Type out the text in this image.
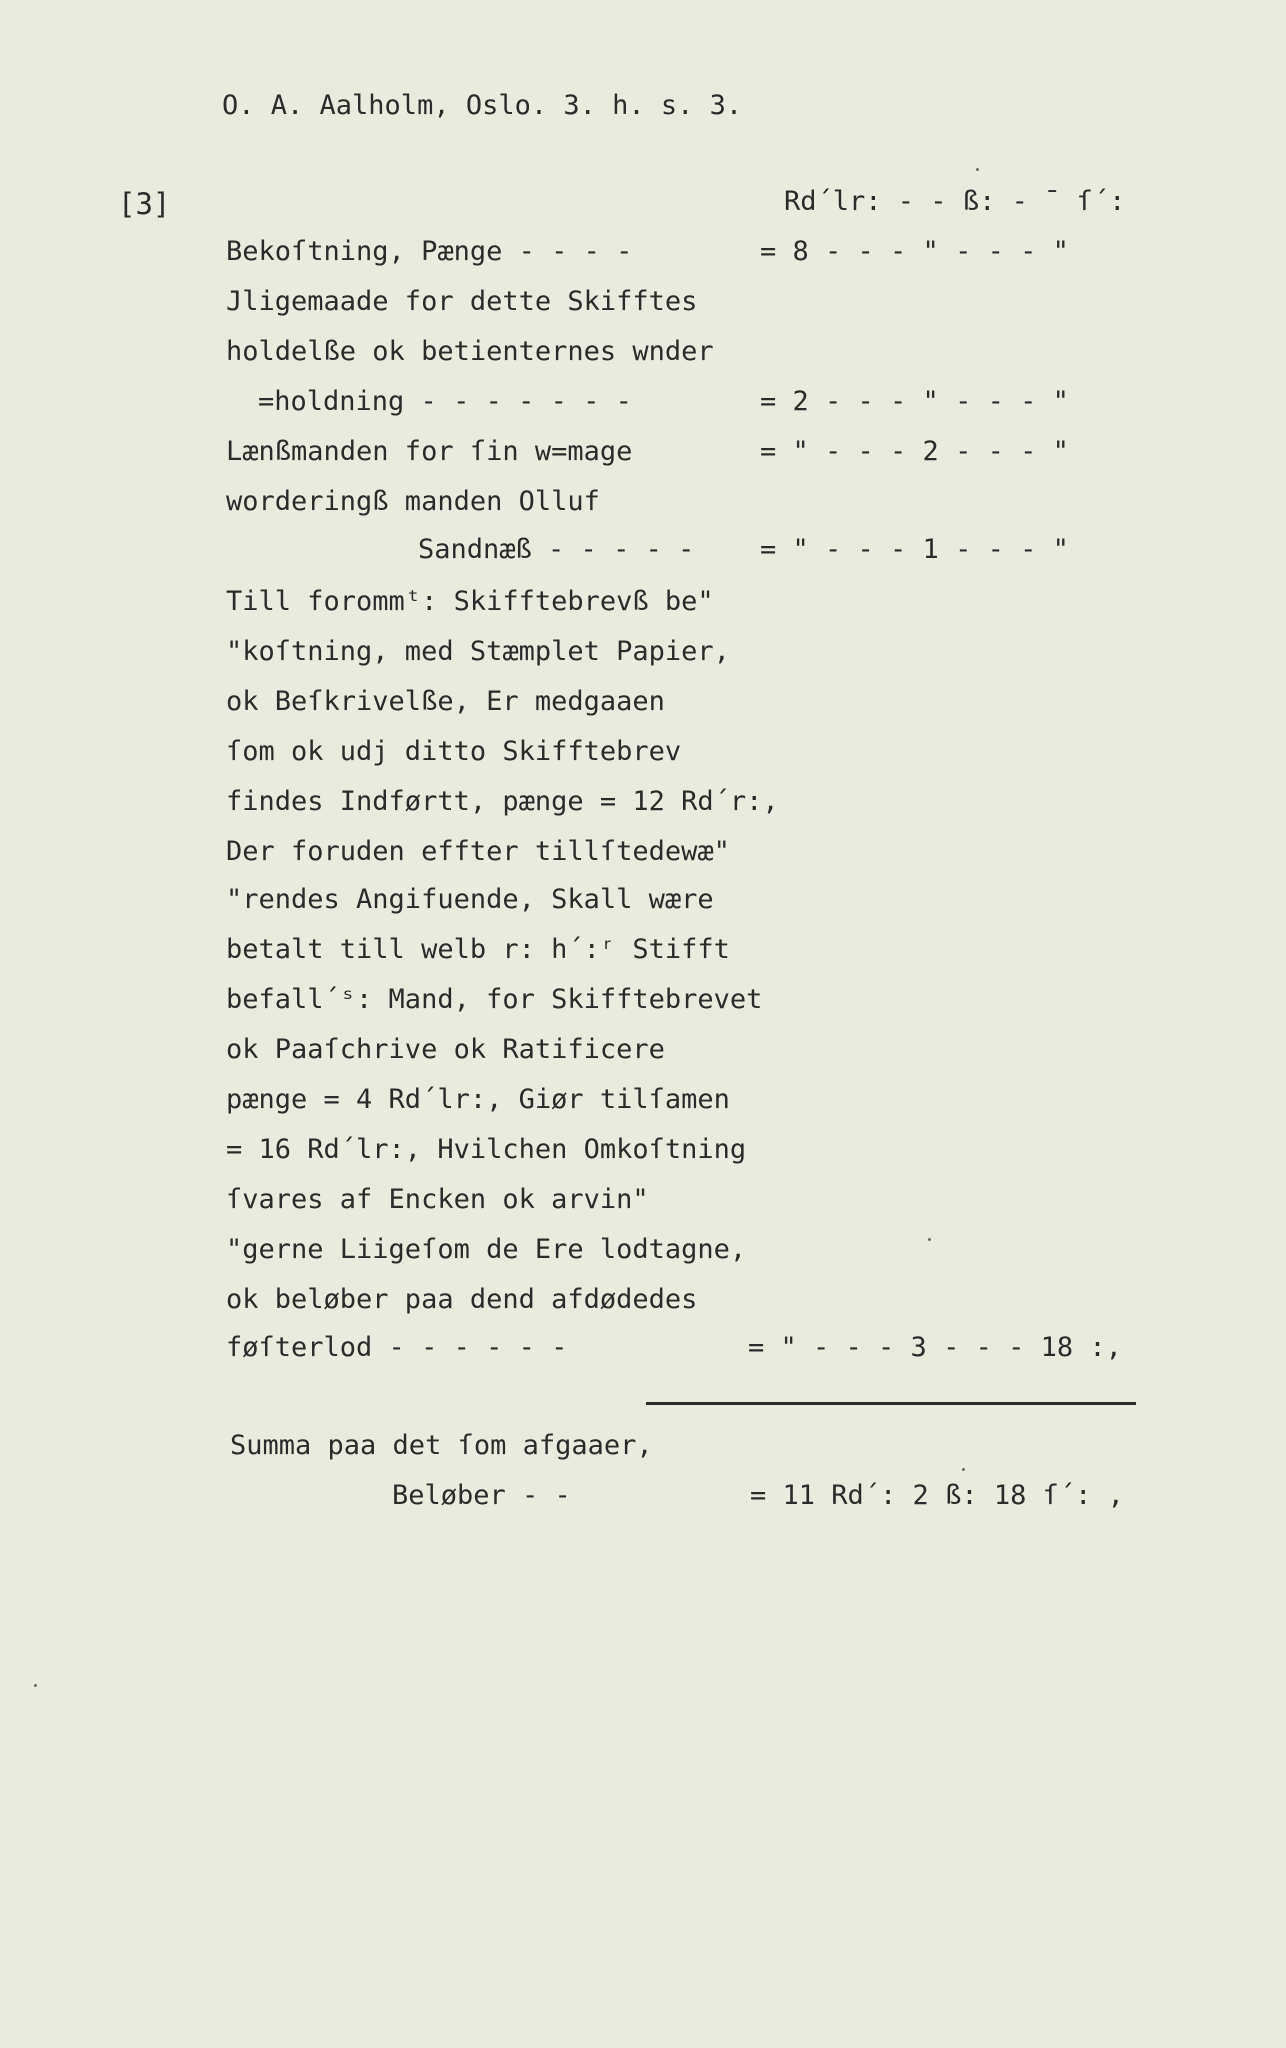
O. A. Aalholm, Oslo. 3. h. s. 3.
[3]	Rd´lr: - - ß: - ˉ ſ´:
Bekoſtning, Pænge - - - -	= 8 - - - " - - - "
Jligemaade for dette Skifftes
holdelße ok betienternes wnder
=holdning - - - - - - -	= 2 - - - " - - - "
Lænßmanden for ſin w=mage	= " - - - 2 - - - "
worderingß manden Olluf
Sandnæß - - - - - = " - - - 1 - - - "
Till forommᵗ: Skifftebrevß be"
"koſtning, med Stæmplet Papier,
ok Beſkrivelße, Er medgaaen
ſom ok udj ditto Skifftebrev
findes Indførtt, pænge = 12 Rd´r:,
Der foruden effter tillſtedewæ"
"rendes Angifuende, Skall wære
betalt till welb r: h´:ʳ Stifft
befall´ˢ: Mand, for Skifftebrevet
ok Paaſchrive ok Ratificere
pænge = 4 Rd´lr:, Giør tilſamen
= 16 Rd´lr:, Hvilchen Omkoſtning
ſvares af Encken ok arvin"
"gerne Liigeſom de Ere lodtagne,
ok beløber paa dend afdødedes
føſterlod - - - - - -	= " - - - 3 - - - 18 :,
Summa paa det ſom afgaaer,
Beløber - -	= 11 Rd´: 2 ß: 18 ſ´: ,
